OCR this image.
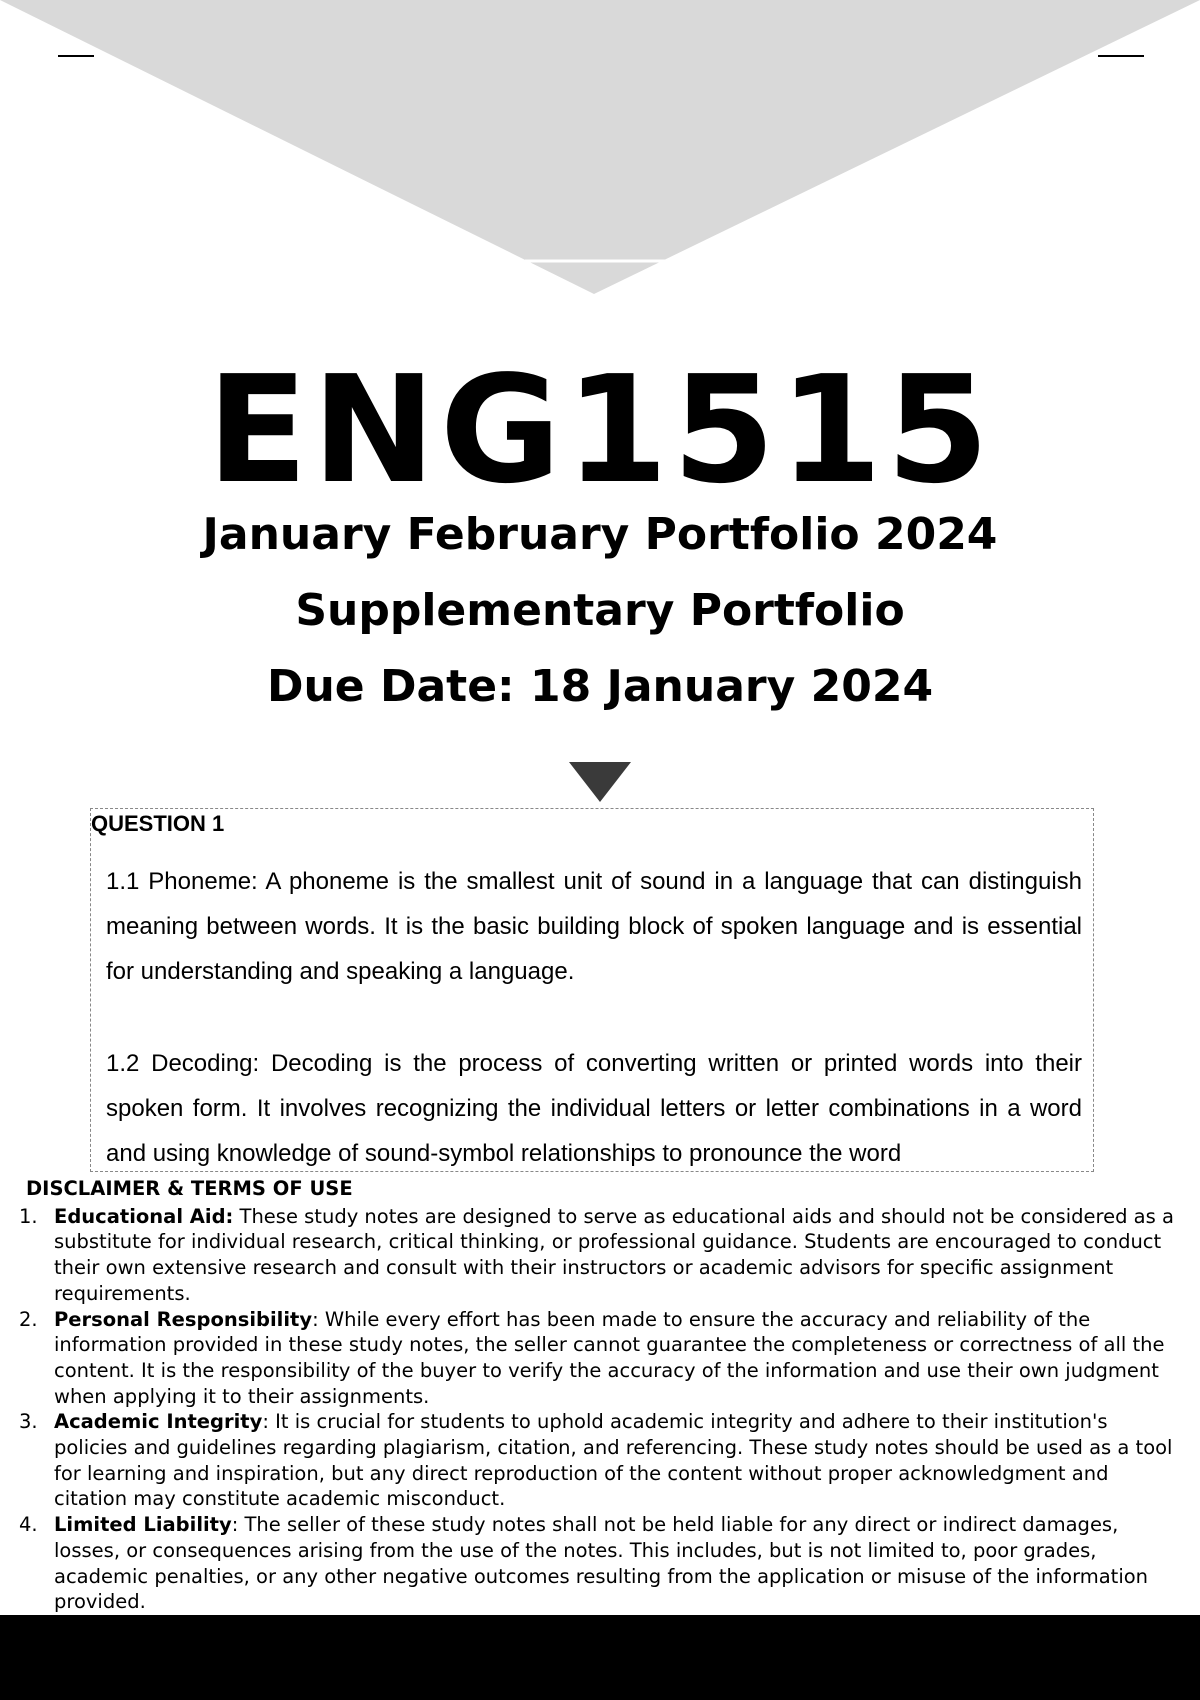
ENG1515
January February Portfolio 2024
Supplementary Portfolio
Due Date: 18 January 2024
QUESTION 1

1.1 Phoneme: A phoneme is the smallest unit of sound in a language that can distinguish meaning between words. It is the basic building block of spoken language and is essential for understanding and speaking a language.

1.2 Decoding: Decoding is the process of converting written or printed words into their spoken form. It involves recognizing the individual letters or letter combinations in a word and using knowledge of sound-symbol relationships to pronounce the word

DISCLAIMER & TERMS OF USE
1. Educational Aid: These study notes are designed to serve as educational aids and should not be considered as a substitute for individual research, critical thinking, or professional guidance. Students are encouraged to conduct their own extensive research and consult with their instructors or academic advisors for specific assignment requirements.
2. Personal Responsibility: While every effort has been made to ensure the accuracy and reliability of the information provided in these study notes, the seller cannot guarantee the completeness or correctness of all the content. It is the responsibility of the buyer to verify the accuracy of the information and use their own judgment when applying it to their assignments.
3. Academic Integrity: It is crucial for students to uphold academic integrity and adhere to their institution's policies and guidelines regarding plagiarism, citation, and referencing. These study notes should be used as a tool for learning and inspiration, but any direct reproduction of the content without proper acknowledgment and citation may constitute academic misconduct.
4. Limited Liability: The seller of these study notes shall not be held liable for any direct or indirect damages, losses, or consequences arising from the use of the notes. This includes, but is not limited to, poor grades, academic penalties, or any other negative outcomes resulting from the application or misuse of the information provided.
